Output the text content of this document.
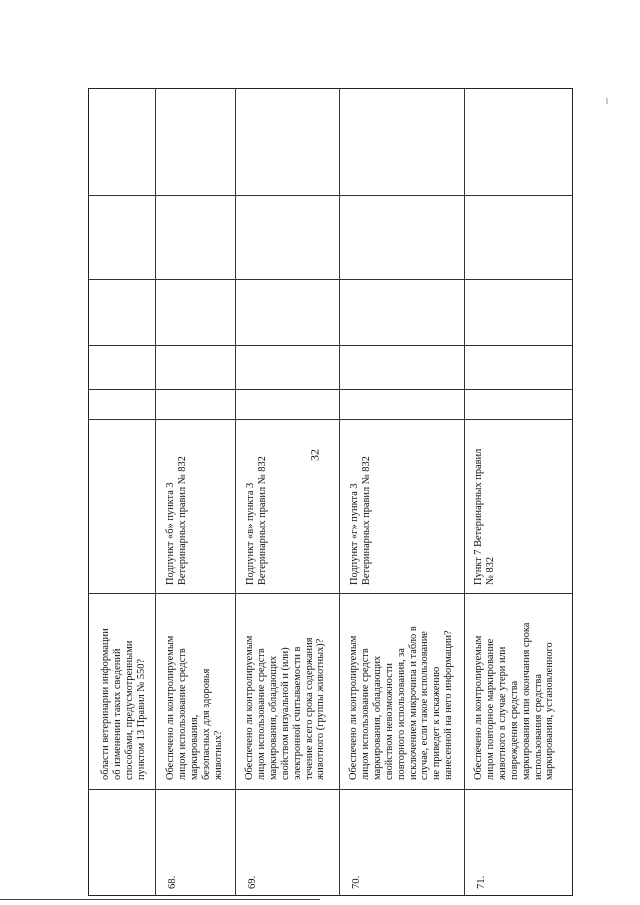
32
области ветеринарии информации
об изменении таких сведений
способами, предусмотренными
пунктом 13 Правил № 550?
68.
Обеспечено ли контролируемым
лицом использование средств
маркирования,
безопасных для здоровья
животных?
Подпункт «б» пункта 3
Ветеринарных правил № 832
69.
Обеспечено ли контролируемым
лицом использование средств
маркирования, обладающих
свойством визуальной и (или)
электронной считываемости в
течение всего срока содержания
животного (группы животных)?
Подпункт «в» пункта 3
Ветеринарных правил № 832
70.
Обеспечено ли контролируемым
лицом использование средств
маркирования, обладающих
свойством невозможности
повторного использования, за
исключением микрочипа и табло в
случае, если такое использование
не приведет к искажению
нанесенной на него информации?
Подпункт «г» пункта 3
Ветеринарных правил № 832
71.
Обеспечено ли контролируемым
лицом повторное маркирование
животного в случае утери или
повреждения средства
маркирования или окончания срока
использования средства
маркирования, установленного
Пункт 7 Ветеринарных правил
№ 832
